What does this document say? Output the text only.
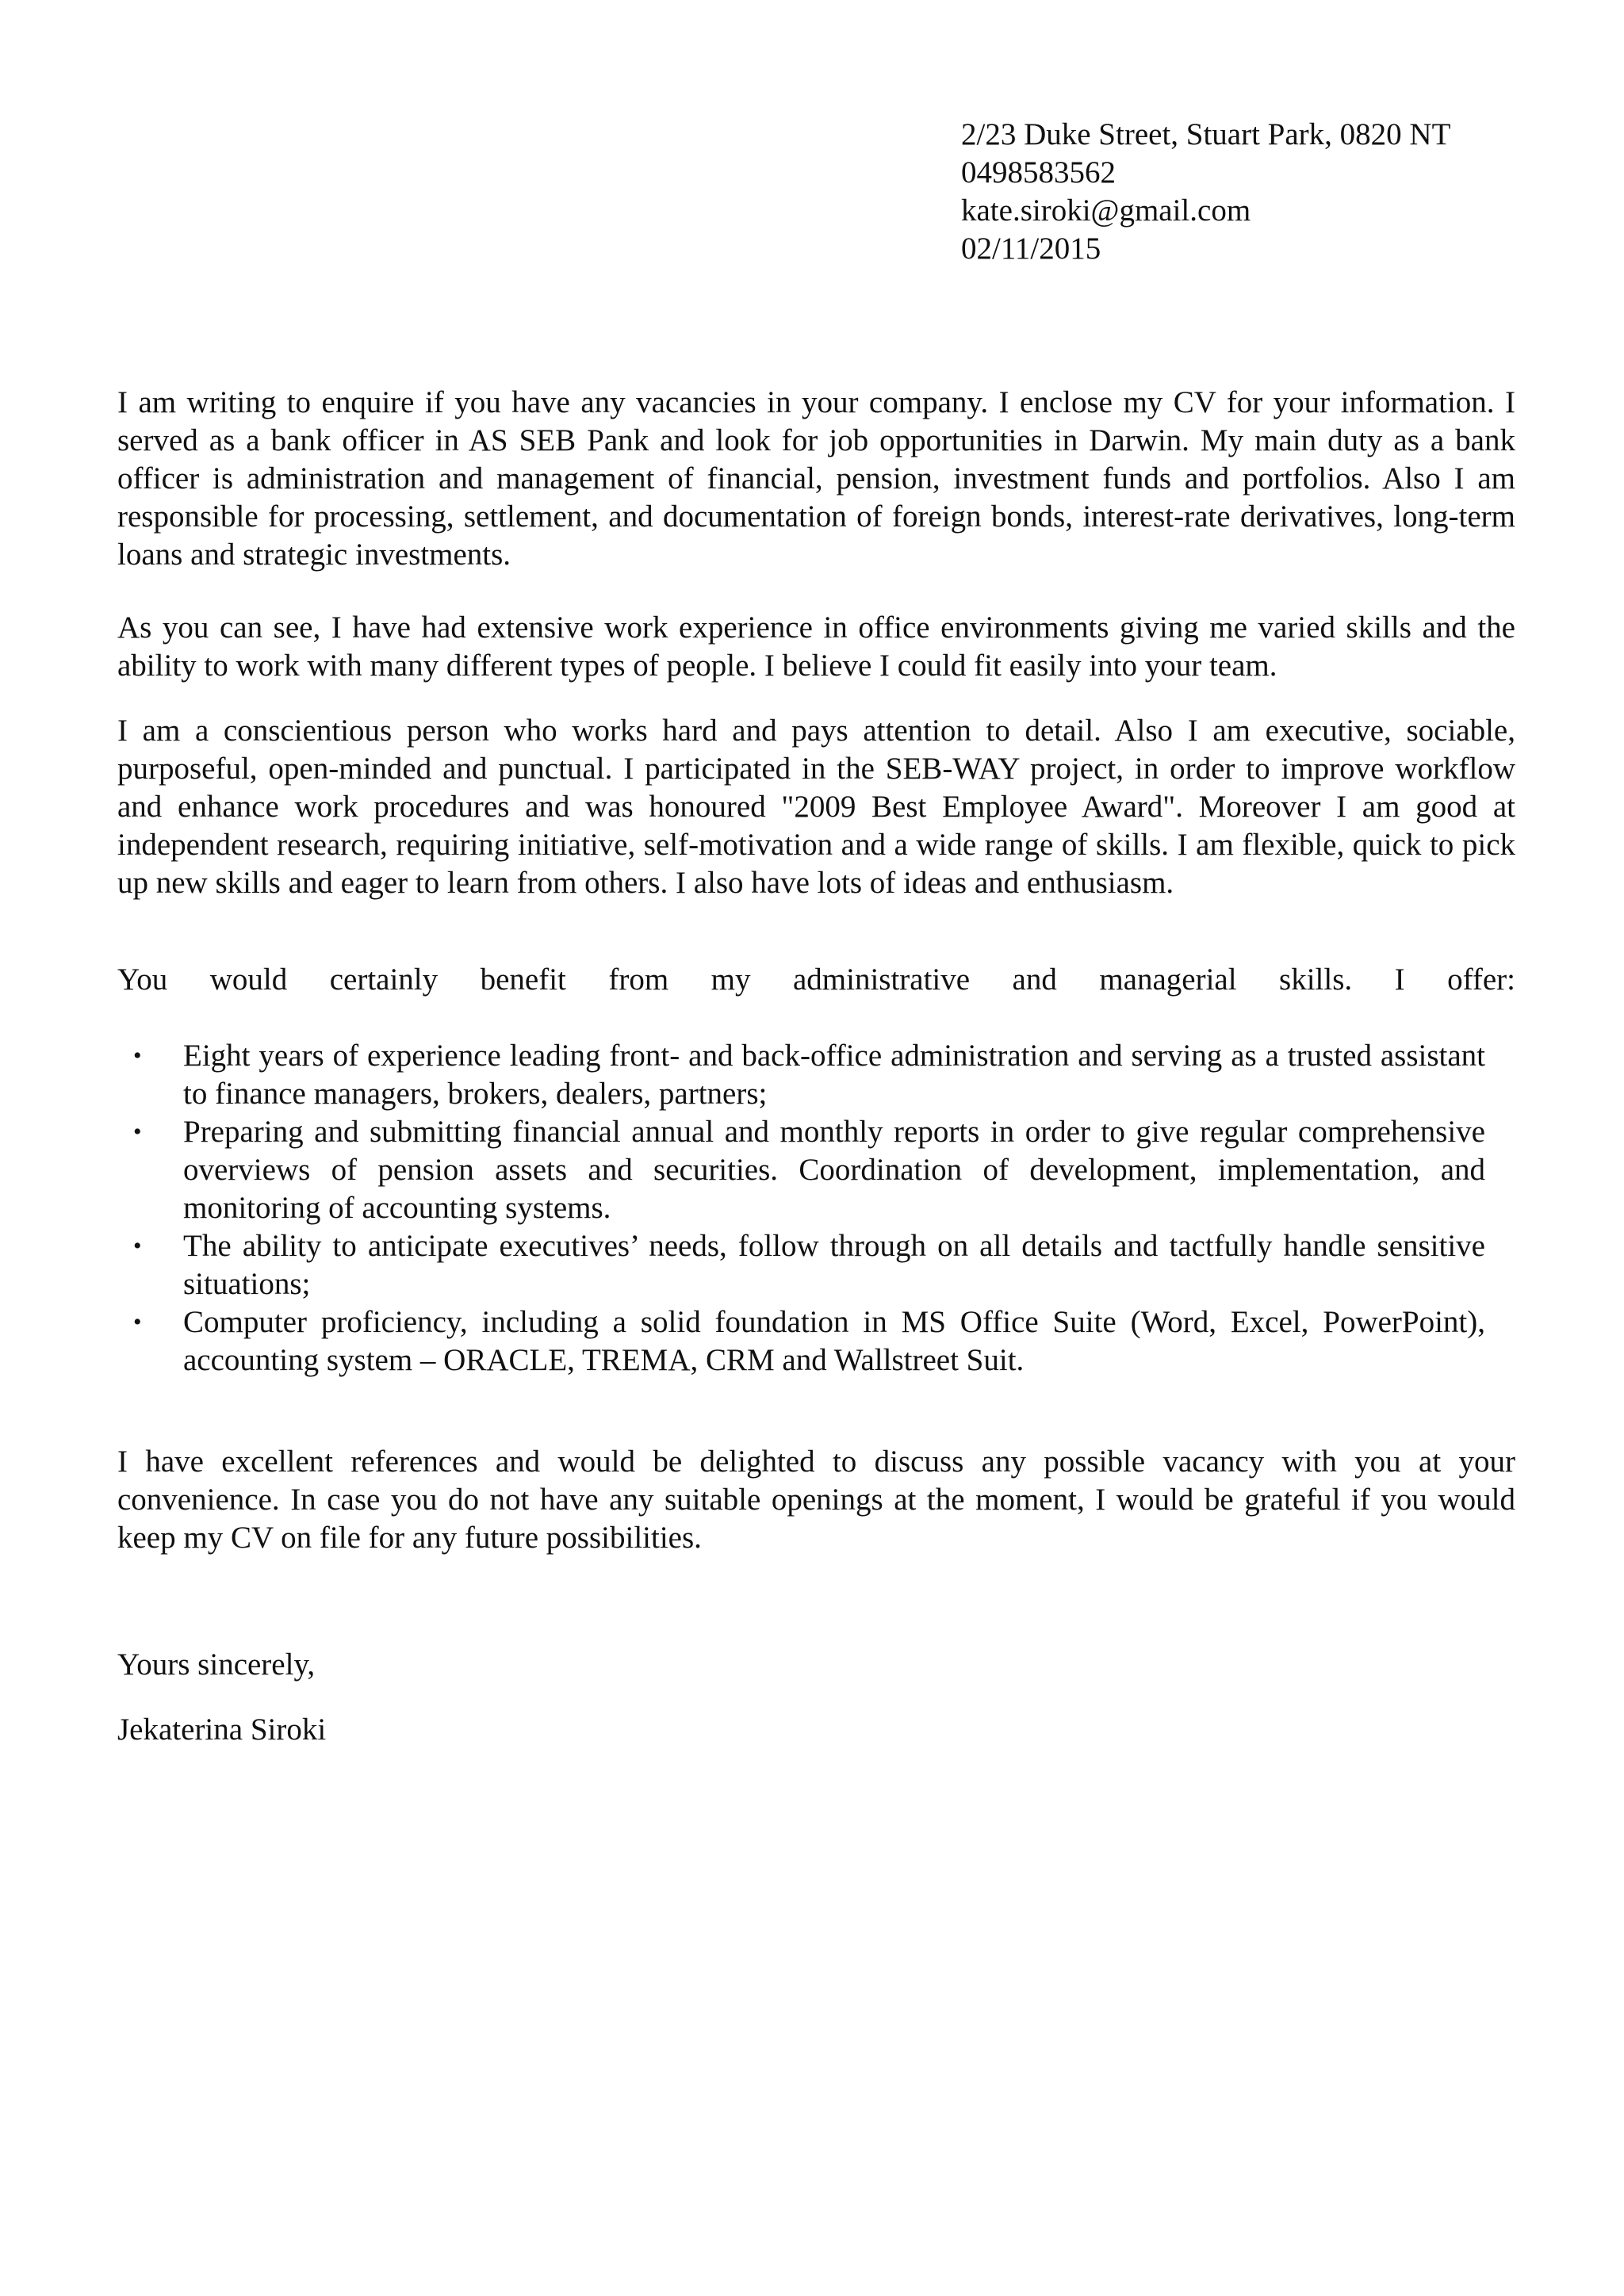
2/23 Duke Street, Stuart Park, 0820 NT
0498583562
kate.siroki@gmail.com
02/11/2015

I am writing to enquire if you have any vacancies in your company. I enclose my CV for your information. I served as a bank officer in AS SEB Pank and look for job opportunities in Darwin. My main duty as a bank officer is administration and management of financial, pension, investment funds and portfolios. Also I am responsible for processing, settlement, and documentation of foreign bonds, interest-rate derivatives, long-term loans and strategic investments.

As you can see, I have had extensive work experience in office environments giving me varied skills and the ability to work with many different types of people. I believe I could fit easily into your team.

I am a conscientious person who works hard and pays attention to detail. Also I am executive, sociable, purposeful, open-minded and punctual. I participated in the SEB-WAY project, in order to improve workflow and enhance work procedures and was honoured "2009 Best Employee Award". Moreover I am good at independent research, requiring initiative, self-motivation and a wide range of skills. I am flexible, quick to pick up new skills and eager to learn from others. I also have lots of ideas and enthusiasm.

You would certainly benefit from my administrative and managerial skills. I offer:

• Eight years of experience leading front- and back-office administration and serving as a trusted assistant to finance managers, brokers, dealers, partners;
• Preparing and submitting financial annual and monthly reports in order to give regular comprehensive overviews of pension assets and securities. Coordination of development, implementation, and monitoring of accounting systems.
• The ability to anticipate executives’ needs, follow through on all details and tactfully handle sensitive situations;
• Computer proficiency, including a solid foundation in MS Office Suite (Word, Excel, PowerPoint), accounting system – ORACLE, TREMA, CRM and Wallstreet Suit.

I have excellent references and would be delighted to discuss any possible vacancy with you at your convenience. In case you do not have any suitable openings at the moment, I would be grateful if you would keep my CV on file for any future possibilities.

Yours sincerely,
Jekaterina Siroki
